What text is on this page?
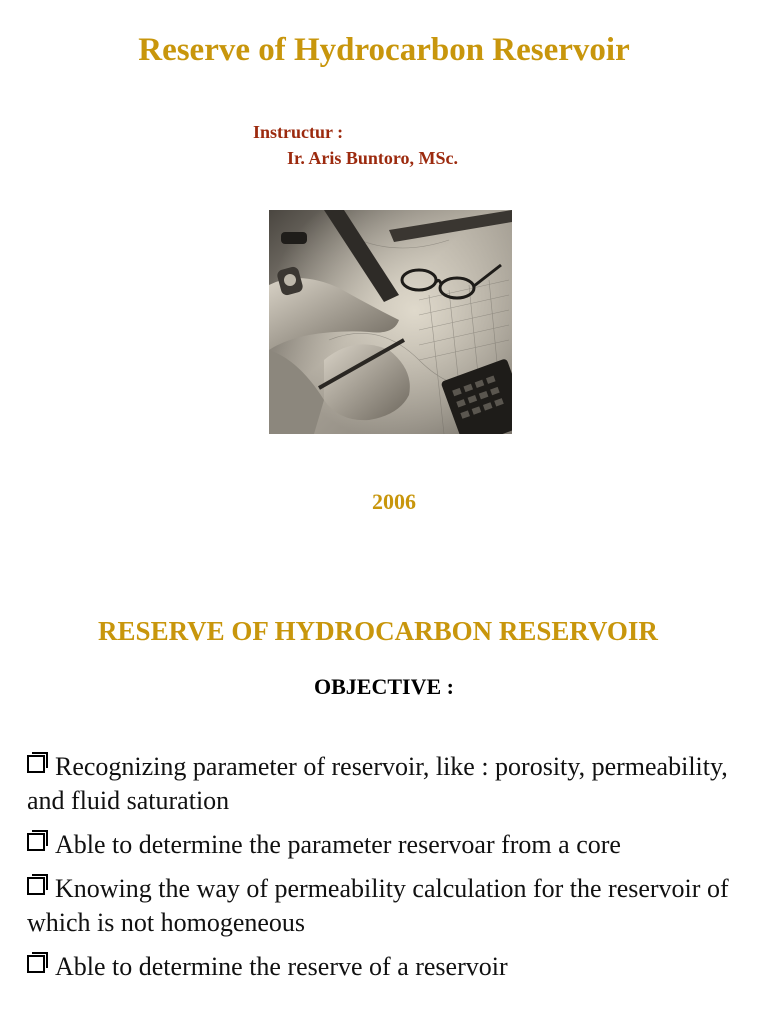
Reserve of Hydrocarbon Reservoir
Instructur :
Ir. Aris Buntoro, MSc.
2006
RESERVE OF HYDROCARBON RESERVOIR
OBJECTIVE :
Recognizing parameter of reservoir, like : porosity, permeability, and fluid saturation
Able to determine the parameter reservoar from a core
Knowing the way of permeability calculation for the reservoir of which is not homogeneous
Able to determine the reserve of a reservoir
